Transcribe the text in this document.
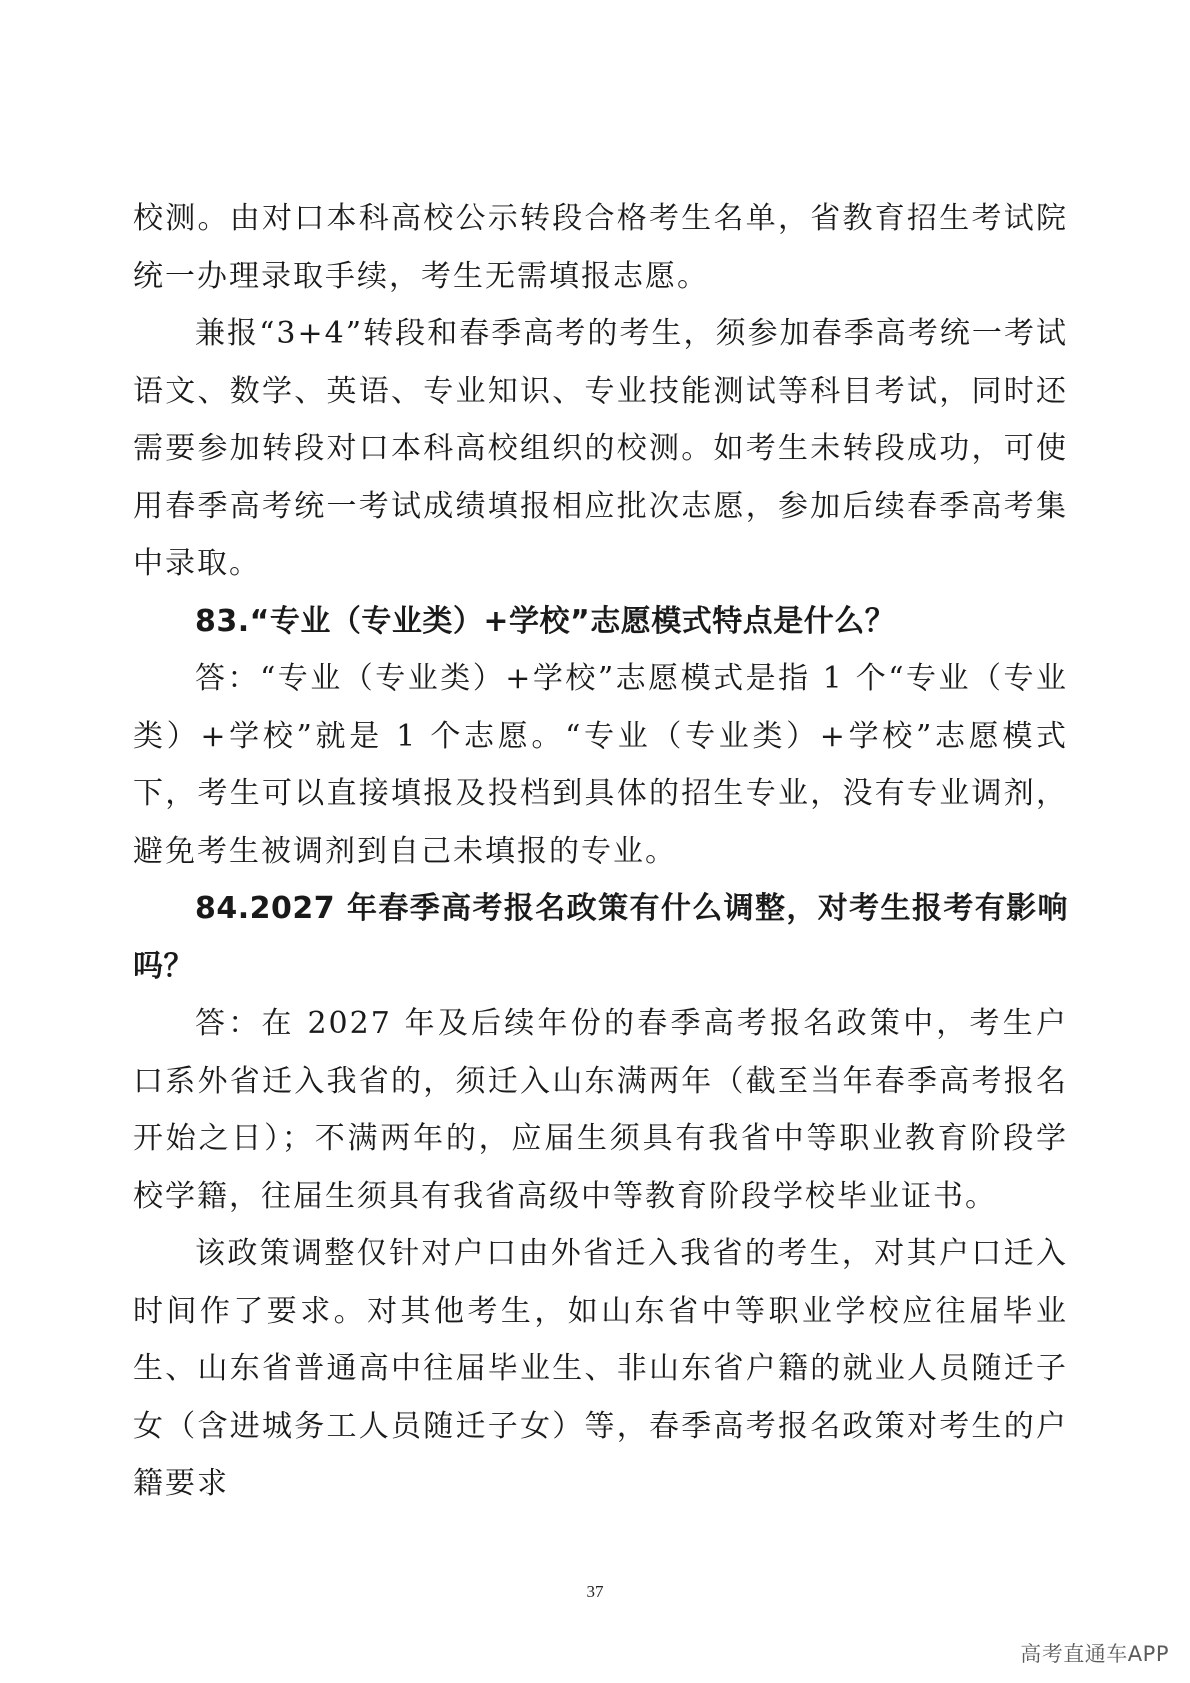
校测。由对口本科高校公示转段合格考生名单，省教育招生考试院统一办理录取手续，考生无需填报志愿。

兼报“3+4”转段和春季高考的考生，须参加春季高考统一考试语文、数学、英语、专业知识、专业技能测试等科目考试，同时还需要参加转段对口本科高校组织的校测。如考生未转段成功，可使用春季高考统一考试成绩填报相应批次志愿，参加后续春季高考集中录取。

83.“专业（专业类）+学校”志愿模式特点是什么？

答：“专业（专业类）+学校”志愿模式是指 1 个“专业（专业类）+学校”就是 1 个志愿。“专业（专业类）+学校”志愿模式下，考生可以直接填报及投档到具体的招生专业，没有专业调剂，避免考生被调剂到自己未填报的专业。

84.2027 年春季高考报名政策有什么调整，对考生报考有影响吗？

答：在 2027 年及后续年份的春季高考报名政策中，考生户口系外省迁入我省的，须迁入山东满两年（截至当年春季高考报名开始之日）；不满两年的，应届生须具有我省中等职业教育阶段学校学籍，往届生须具有我省高级中等教育阶段学校毕业证书。

该政策调整仅针对户口由外省迁入我省的考生，对其户口迁入时间作了要求。对其他考生，如山东省中等职业学校应往届毕业生、山东省普通高中往届毕业生、非山东省户籍的就业人员随迁子女（含进城务工人员随迁子女）等，春季高考报名政策对考生的户籍要求

37
高考直通车APP
